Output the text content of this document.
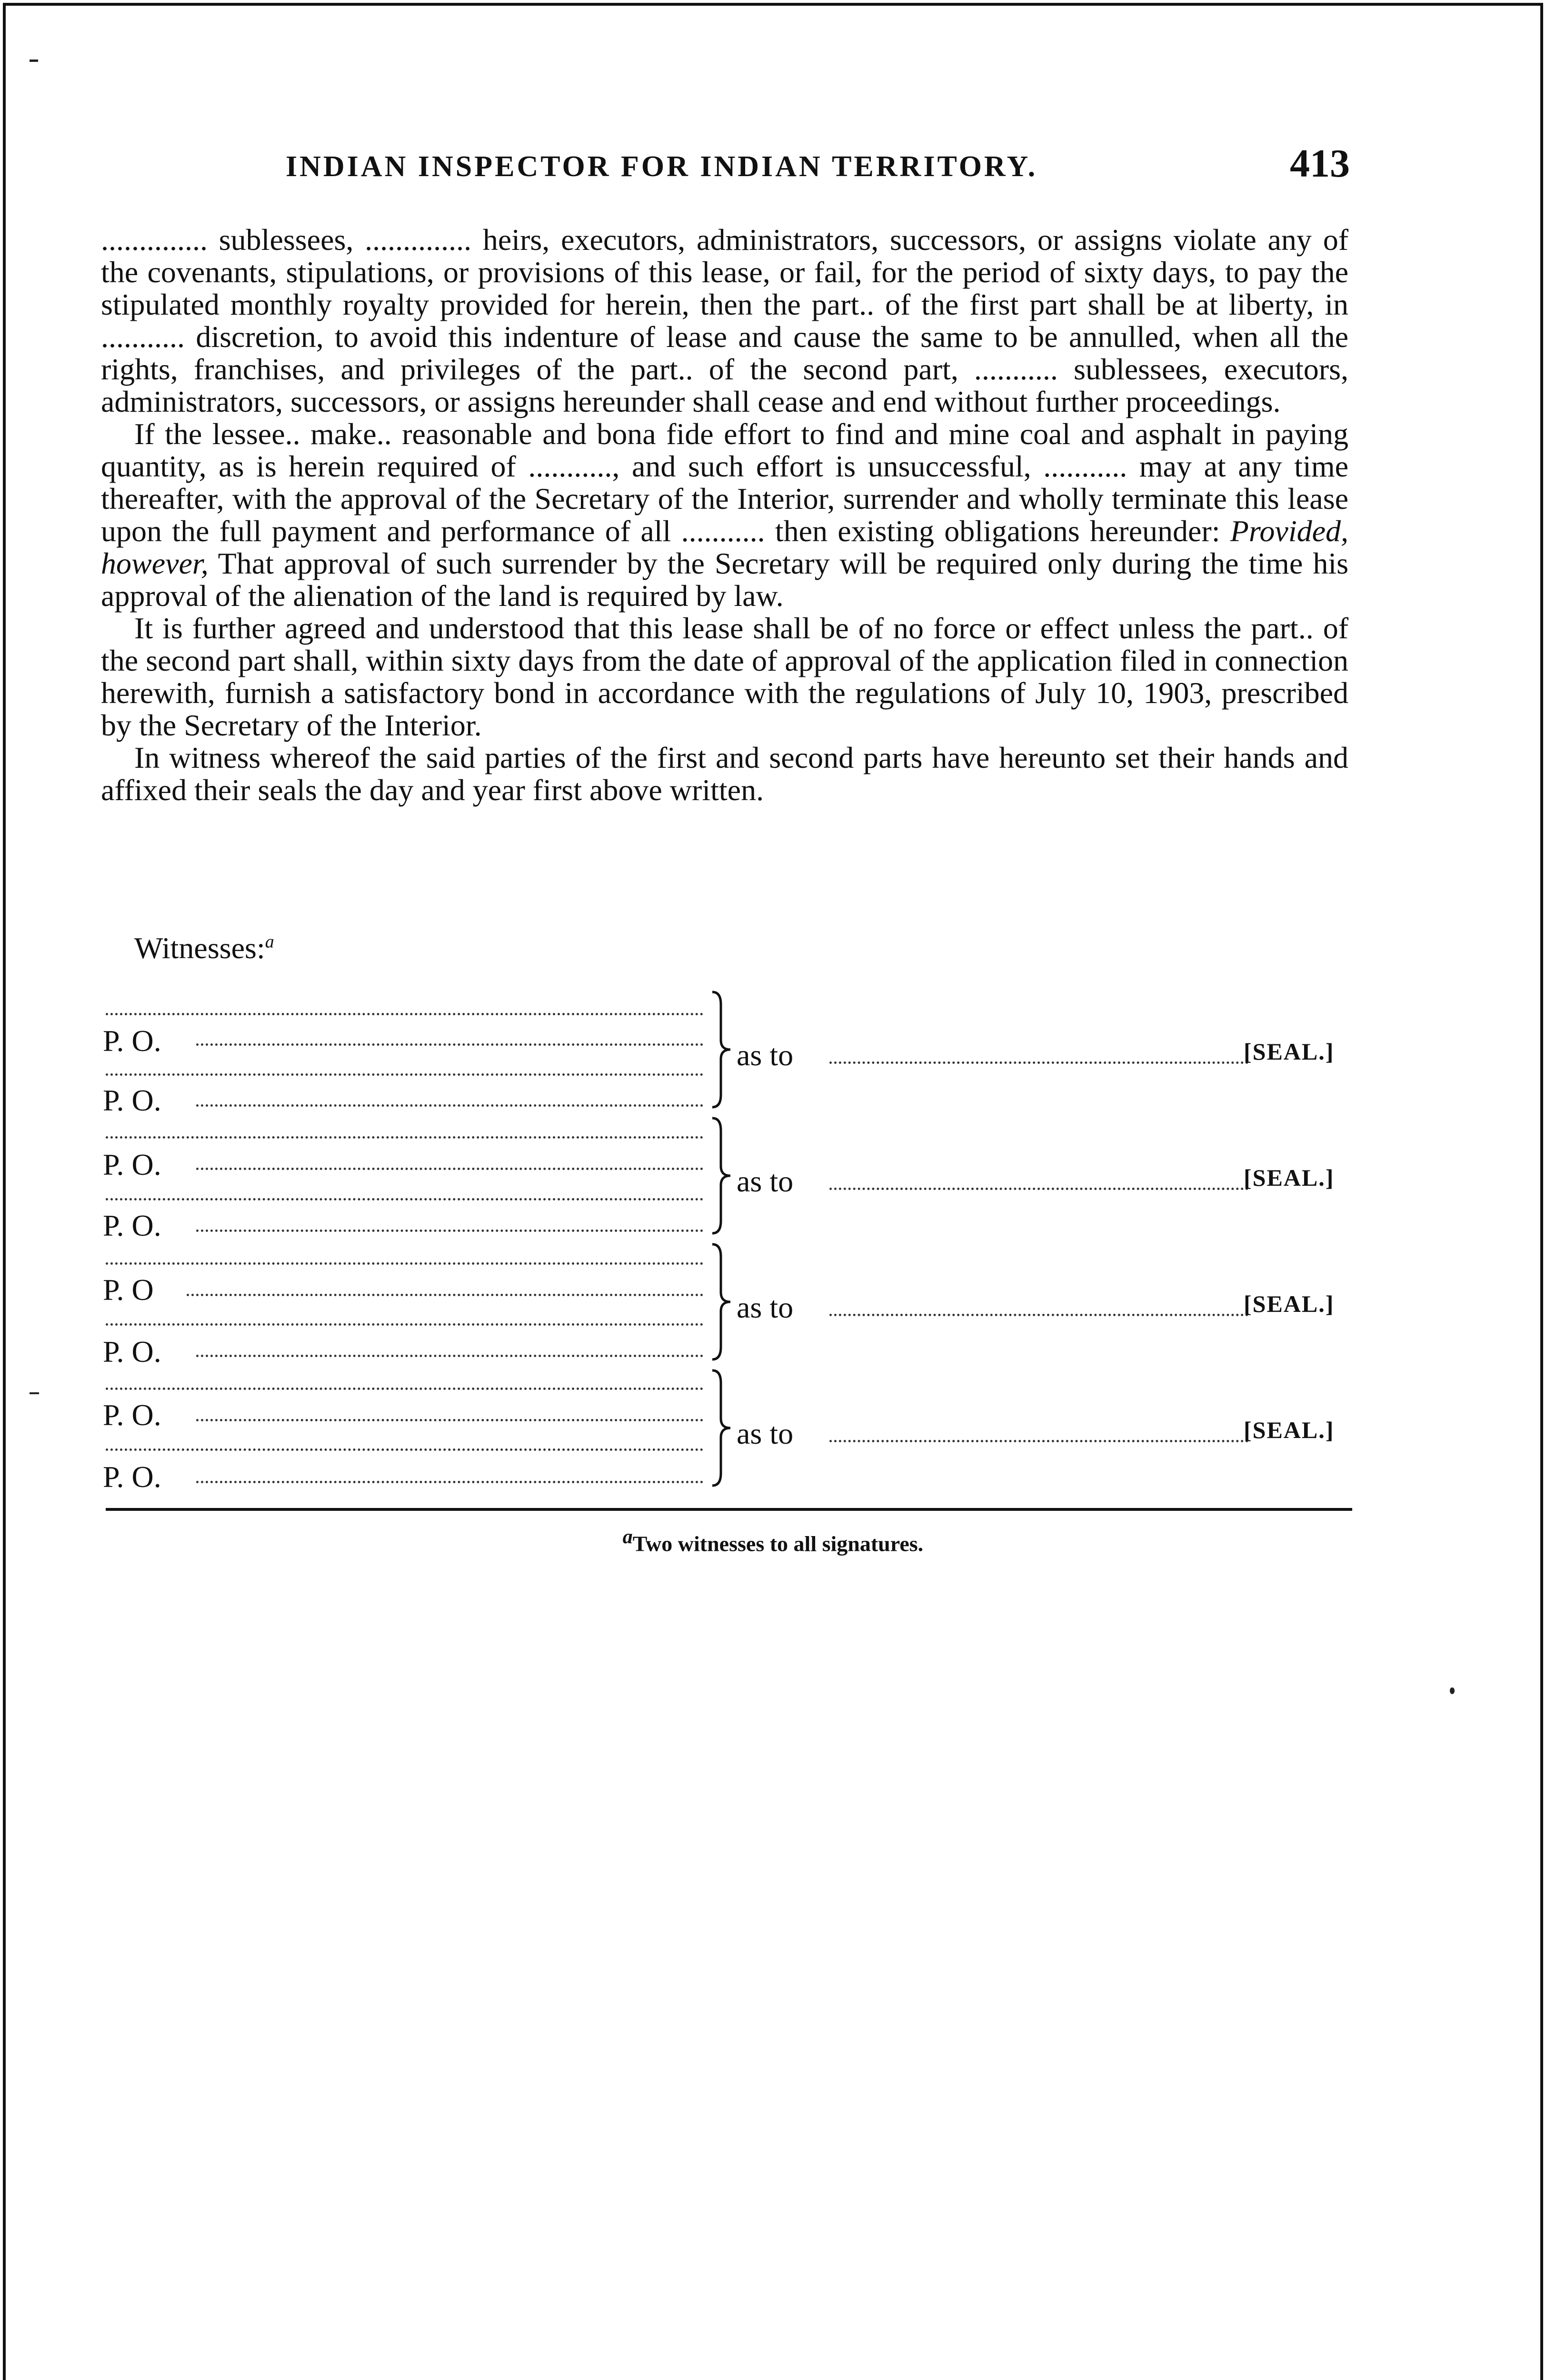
INDIAN INSPECTOR FOR INDIAN TERRITORY.	413

.............. sublessees, .............. heirs, executors, administrators, successors, or assigns violate any of the covenants, stipulations, or provisions of this lease, or fail, for the period of sixty days, to pay the stipulated monthly royalty provided for herein, then the part.. of the first part shall be at liberty, in ........... discretion, to avoid this indenture of lease and cause the same to be annulled, when all the rights, franchises, and privileges of the part.. of the second part, ........... sublessees, executors, administrators, successors, or assigns hereunder shall cease and end without further proceedings.

If the lessee.. make.. reasonable and bona fide effort to find and mine coal and asphalt in paying quantity, as is herein required of ..........., and such effort is unsuccessful, ........... may at any time thereafter, with the approval of the Secretary of the Interior, surrender and wholly terminate this lease upon the full payment and performance of all ........... then existing obligations hereunder: Provided, however, That approval of such surrender by the Secretary will be required only during the time his approval of the alienation of the land is required by law.

It is further agreed and understood that this lease shall be of no force or effect unless the part.. of the second part shall, within sixty days from the date of approval of the application filed in connection herewith, furnish a satisfactory bond in accordance with the regulations of July 10, 1903, prescribed by the Secretary of the Interior.

In witness whereof the said parties of the first and second parts have hereunto set their hands and affixed their seals the day and year first above written.

Witnesses:$^a$
P. O.
P. O.
as to	[SEAL.]
P. O.
P. O.
as to	[SEAL.]
P. O
P. O.
as to	[SEAL.]
P. O.
P. O.
as to	[SEAL.]
$^a$Two witnesses to all signatures.
